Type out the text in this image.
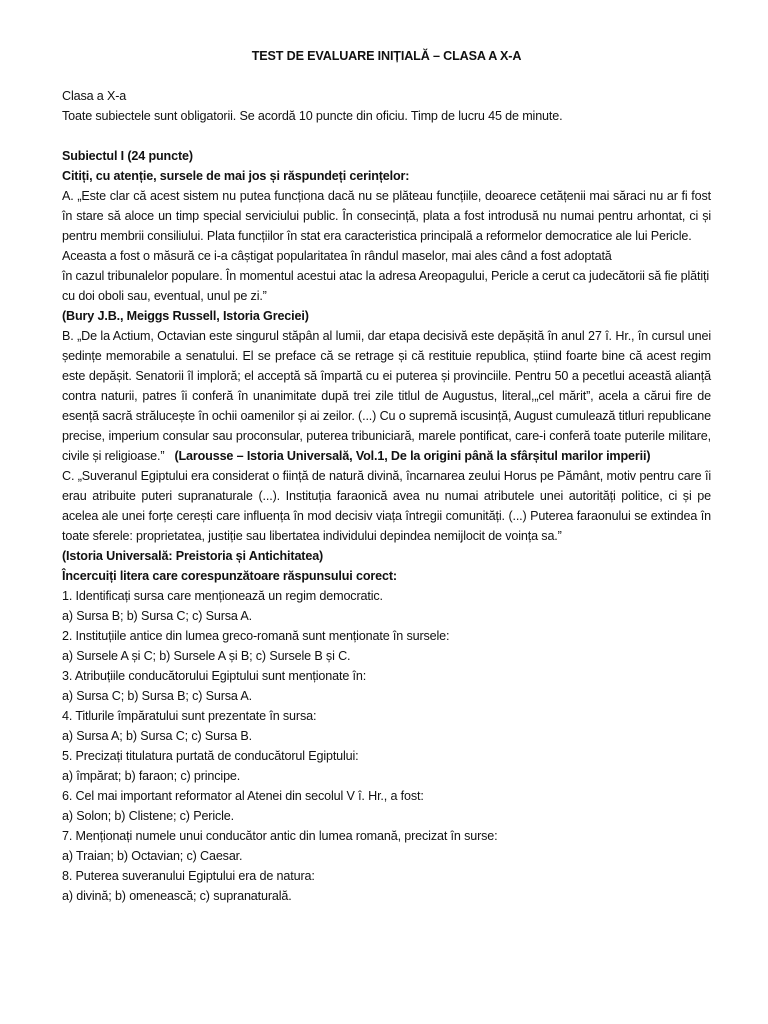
TEST DE EVALUARE INIȚIALĂ – CLASA A X-A

Clasa a X-a

Toate subiectele sunt obligatorii. Se acordă 10 puncte din oficiu. Timp de lucru 45 de minute.

Subiectul I (24 puncte)

Citiți, cu atenție, sursele de mai jos și răspundeți cerințelor:

A. „Este clar că acest sistem nu putea funcționa dacă nu se plăteau funcțiile, deoarece cetățenii mai săraci nu ar fi fost în stare să aloce un timp special serviciului public. În consecință, plata a fost introdusă nu numai pentru arhontat, ci și pentru membrii consiliului. Plata funcțiilor în stat era caracteristica principală a reformelor democratice ale lui Pericle.

Aceasta a fost o măsură ce i-a câștigat popularitatea în rândul maselor, mai ales când a fost adoptată

în cazul tribunalelor populare. În momentul acestui atac la adresa Areopagului, Pericle a cerut ca judecătorii să fie plătiți cu doi oboli sau, eventual, unul pe zi.”

(Bury J.B., Meiggs Russell, Istoria Greciei)

B. „De la Actium, Octavian este singurul stăpân al lumii, dar etapa decisivă este depășită în anul 27 î. Hr., în cursul unei ședințe memorabile a senatului. El se preface că se retrage și că restituie republica, știind foarte bine că acest regim este depășit. Senatorii îl imploră; el acceptă să împartă cu ei puterea și provinciile. Pentru 50 a pecetlui această alianță contra naturii, patres îi conferă în unanimitate după trei zile titlul de Augustus, literal,„cel mărit”, acela a cărui fire de esență sacră strălucește în ochii oamenilor și ai zeilor. (...) Cu o supremă iscusință, August cumulează titluri republicane precise, imperium consular sau proconsular, puterea tribuniciară, marele pontificat, care-i conferă toate puterile militare, civile și religioase.” (Larousse – Istoria Universală, Vol.1, De la origini până la sfârșitul marilor imperii)

C. „Suveranul Egiptului era considerat o ființă de natură divină, încarnarea zeului Horus pe Pământ, motiv pentru care îi erau atribuite puteri supranaturale (...). Instituția faraonică avea nu numai atributele unei autorități politice, ci și pe acelea ale unei forțe cerești care influența în mod decisiv viața întregii comunități. (...) Puterea faraonului se extindea în toate sferele: proprietatea, justiție sau libertatea individului depindea nemijlocit de voința sa.”

(Istoria Universală: Preistoria și Antichitatea)

Încercuiți litera care corespunzătoare răspunsului corect:

1. Identificați sursa care menționează un regim democratic.

a) Sursa B; b) Sursa C; c) Sursa A.

2. Instituțiile antice din lumea greco-romană sunt menționate în sursele:

a) Sursele A și C; b) Sursele A și B; c) Sursele B și C.

3. Atribuțiile conducătorului Egiptului sunt menționate în:

a) Sursa C; b) Sursa B; c) Sursa A.

4. Titlurile împăratului sunt prezentate în sursa:

a) Sursa A; b) Sursa C; c) Sursa B.

5. Precizați titulatura purtată de conducătorul Egiptului:

a) împărat; b) faraon; c) principe.

6. Cel mai important reformator al Atenei din secolul V î. Hr., a fost:

a) Solon; b) Clistene; c) Pericle.

7. Menționați numele unui conducător antic din lumea romană, precizat în surse:

a) Traian; b) Octavian; c) Caesar.

8. Puterea suveranului Egiptului era de natura:

a) divină; b) omenească; c) supranaturală.
